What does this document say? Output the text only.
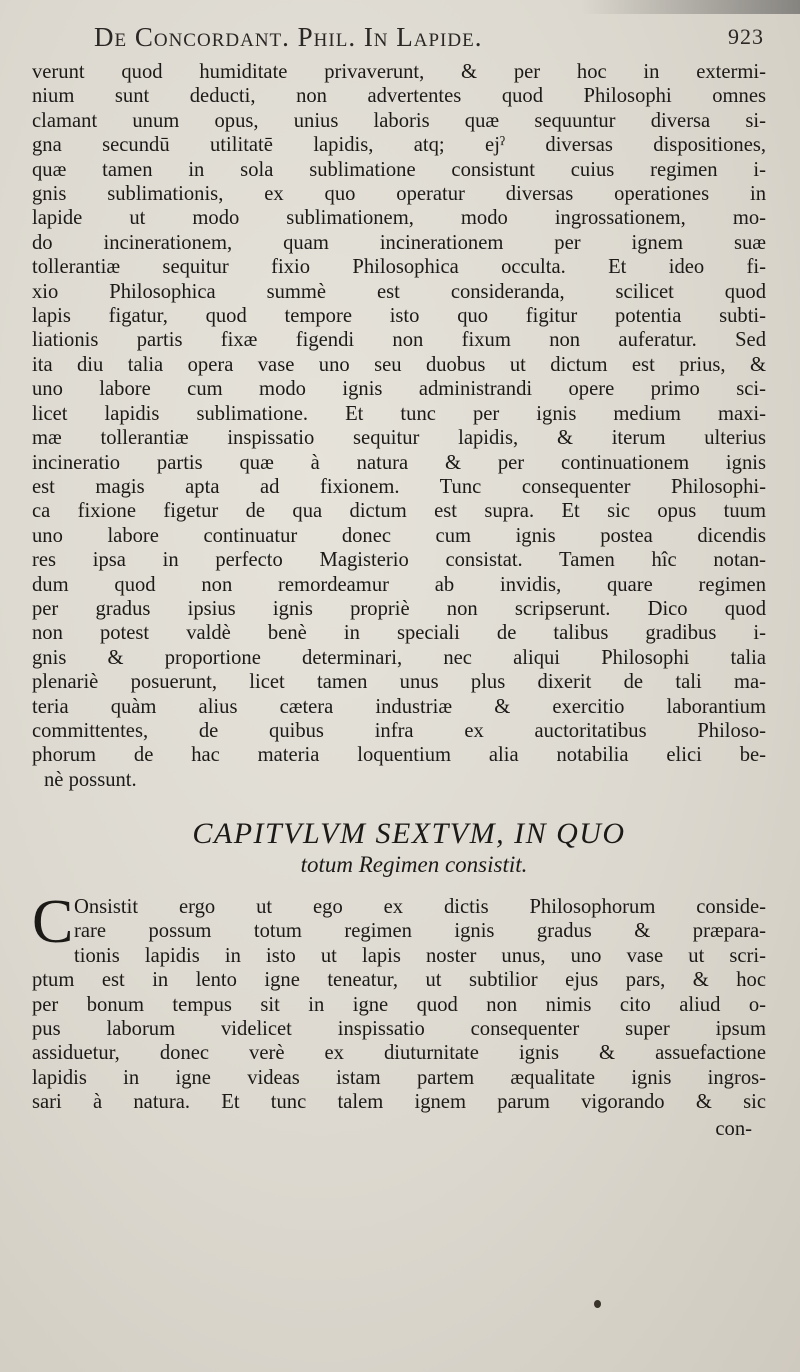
De Concordant. Phil. In Lapide.	923
verunt quod humiditate privaverunt, & per hoc in extermi-
nium sunt deducti, non advertentes quod Philosophi omnes
clamant unum opus, unius laboris quæ sequuntur diversa si-
gna secundū utilitatē lapidis, atq; ejˀ diversas dispositiones,
quæ tamen in sola sublimatione consistunt cuius regimen i-
gnis sublimationis, ex quo operatur diversas operationes in
lapide ut modo sublimationem, modo ingrossationem, mo-
do incinerationem, quam incinerationem per ignem suæ
tollerantiæ sequitur fixio Philosophica occulta. Et ideo fi-
xio Philosophica summè est consideranda, scilicet quod
lapis figatur, quod tempore isto quo figitur potentia subti-
liationis partis fixæ figendi non fixum non auferatur. Sed
ita diu talia opera vase uno seu duobus ut dictum est prius, &
uno labore cum modo ignis administrandi opere primo sci-
licet lapidis sublimatione. Et tunc per ignis medium maxi-
mæ tollerantiæ inspissatio sequitur lapidis, & iterum ulterius
incineratio partis quæ à natura & per continuationem ignis
est magis apta ad fixionem. Tunc consequenter Philosophi-
ca fixione figetur de qua dictum est supra. Et sic opus tuum
uno labore continuatur donec cum ignis postea dicendis
res ipsa in perfecto Magisterio consistat. Tamen hîc notan-
dum quod non remordeamur ab invidis, quare regimen
per gradus ipsius ignis propriè non scripserunt. Dico quod
non potest valdè benè in speciali de talibus gradibus i-
gnis & proportione determinari, nec aliqui Philosophi talia
plenariè posuerunt, licet tamen unus plus dixerit de tali ma-
teria quàm alius cætera industriæ & exercitio laborantium
committentes, de quibus infra ex auctoritatibus Philoso-
phorum de hac materia loquentium alia notabilia elici be-
nè possunt.
CAPITVLVM SEXTVM, IN QUO
totum Regimen consistit.
C Onsistit ergo ut ego ex dictis Philosophorum conside-
rare possum totum regimen ignis gradus & præpara-
tionis lapidis in isto ut lapis noster unus, uno vase ut scri-
ptum est in lento igne teneatur, ut subtilior ejus pars, & hoc
per bonum tempus sit in igne quod non nimis cito aliud o-
pus laborum videlicet inspissatio consequenter super ipsum
assiduetur, donec verè ex diuturnitate ignis & assuefactione
lapidis in igne videas istam partem æqualitate ignis ingros-
sari à natura. Et tunc talem ignem parum vigorando & sic
con-
